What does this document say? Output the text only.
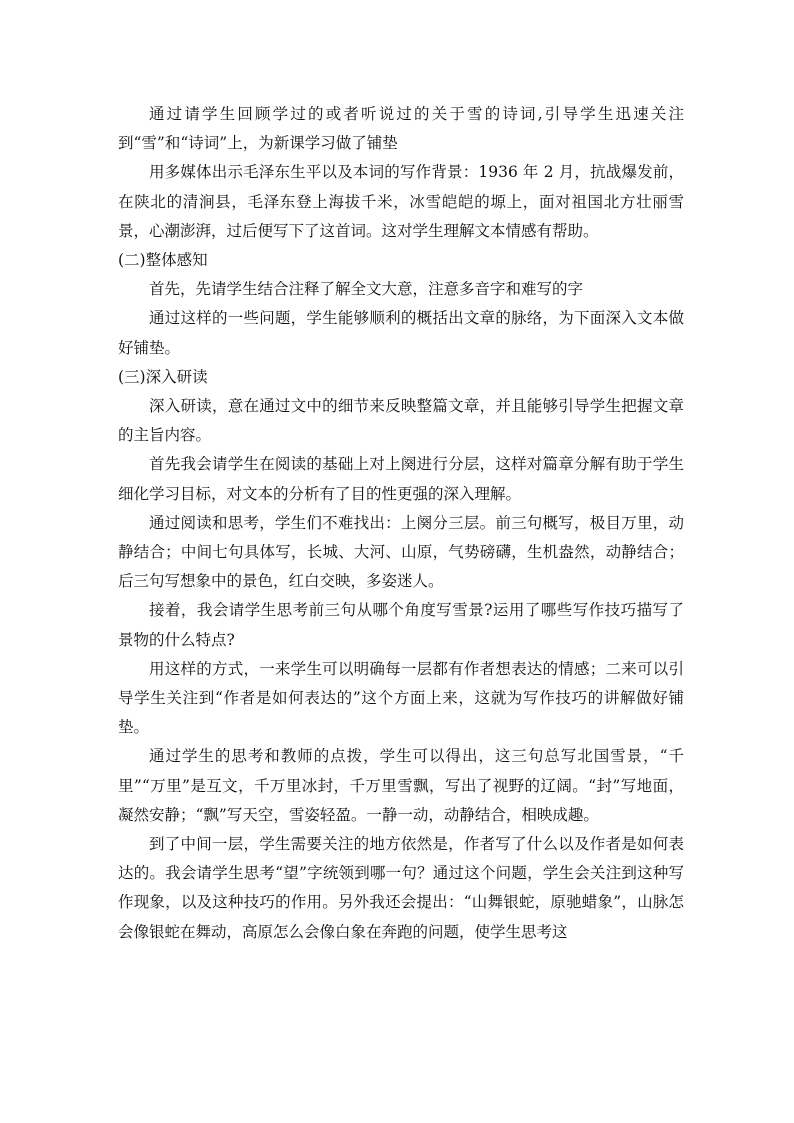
通过请学生回顾学过的或者听说过的关于雪的诗词,引导学生迅速关注到“雪”和“诗词”上，为新课学习做了铺垫

用多媒体出示毛泽东生平以及本词的写作背景：1936 年 2 月，抗战爆发前，在陕北的清涧县，毛泽东登上海拔千米，冰雪皑皑的塬上，面对祖国北方壮丽雪景，心潮澎湃，过后便写下了这首词。这对学生理解文本情感有帮助。

(二)整体感知

首先，先请学生结合注释了解全文大意，注意多音字和难写的字

通过这样的一些问题，学生能够顺利的概括出文章的脉络，为下面深入文本做好铺垫。

(三)深入研读

深入研读，意在通过文中的细节来反映整篇文章，并且能够引导学生把握文章的主旨内容。

首先我会请学生在阅读的基础上对上阕进行分层，这样对篇章分解有助于学生细化学习目标，对文本的分析有了目的性更强的深入理解。

通过阅读和思考，学生们不难找出：上阕分三层。前三句概写，极目万里，动静结合；中间七句具体写，长城、大河、山原，气势磅礴，生机盎然，动静结合；后三句写想象中的景色，红白交映，多姿迷人。

接着，我会请学生思考前三句从哪个角度写雪景?运用了哪些写作技巧描写了景物的什么特点?

用这样的方式，一来学生可以明确每一层都有作者想表达的情感；二来可以引导学生关注到“作者是如何表达的”这个方面上来，这就为写作技巧的讲解做好铺垫。

通过学生的思考和教师的点拨，学生可以得出，这三句总写北国雪景，“千里”“万里”是互文，千万里冰封，千万里雪飘，写出了视野的辽阔。“封”写地面，凝然安静；“飘”写天空，雪姿轻盈。一静一动，动静结合，相映成趣。

到了中间一层，学生需要关注的地方依然是，作者写了什么以及作者是如何表达的。我会请学生思考“望”字统领到哪一句？通过这个问题，学生会关注到这种写作现象，以及这种技巧的作用。另外我还会提出：“山舞银蛇，原驰蜡象”，山脉怎会像银蛇在舞动，高原怎么会像白象在奔跑的问题，使学生思考这
